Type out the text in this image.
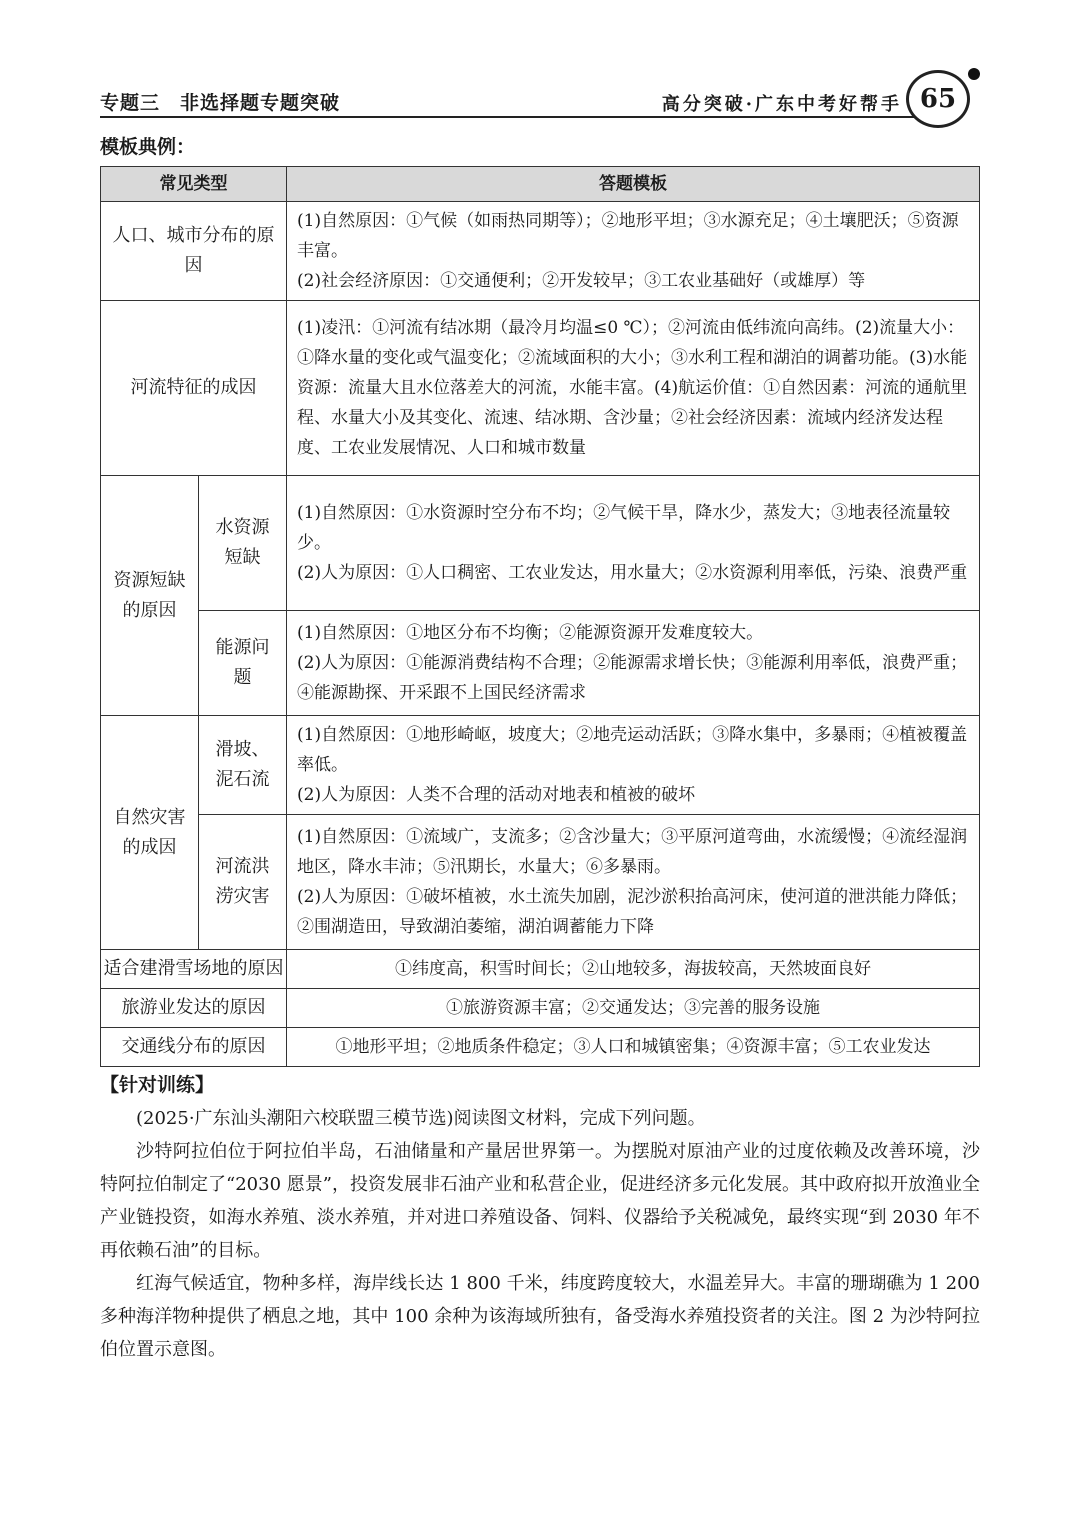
专题三　非选择题专题突破	高分突破·广东中考好帮手 65
模板典例：
常见类型		答题模板
人口、城市分布的原因		(1)自然原因：①气候（如雨热同期等）；②地形平坦；③水源充足；④土壤肥沃；⑤资源丰富。
(2)社会经济原因：①交通便利；②开发较早；③工农业基础好（或雄厚）等

河流特征的成因		(1)凌汛：①河流有结冰期（最冷月均温≤0 ℃）；②河流由低纬流向高纬。(2)流量大小：①降水量的变化或气温变化；②流域面积的大小；③水利工程和湖泊的调蓄功能。(3)水能资源：流量大且水位落差大的河流，水能丰富。(4)航运价值：①自然因素：河流的通航里程、水量大小及其变化、流速、结冰期、含沙量；②社会经济因素：流域内经济发达程度、工农业发展情况、人口和城市数量

资源短缺的原因	水资源短缺	(1)自然原因：①水资源时空分布不均；②气候干旱，降水少，蒸发大；③地表径流量较少。
(2)人为原因：①人口稠密、工农业发达，用水量大；②水资源利用率低，污染、浪费严重

	能源问题	(1)自然原因：①地区分布不均衡；②能源资源开发难度较大。
(2)人为原因：①能源消费结构不合理；②能源需求增长快；③能源利用率低，浪费严重；④能源勘探、开采跟不上国民经济需求

自然灾害的成因	滑坡、泥石流	(1)自然原因：①地形崎岖，坡度大；②地壳运动活跃；③降水集中，多暴雨；④植被覆盖率低。
(2)人为原因：人类不合理的活动对地表和植被的破坏

	河流洪涝灾害	(1)自然原因：①流域广，支流多；②含沙量大；③平原河道弯曲，水流缓慢；④流经湿润地区，降水丰沛；⑤汛期长，水量大；⑥多暴雨。
(2)人为原因：①破坏植被，水土流失加剧，泥沙淤积抬高河床，使河道的泄洪能力降低；②围湖造田，导致湖泊萎缩，湖泊调蓄能力下降

适合建滑雪场地的原因		①纬度高，积雪时间长；②山地较多，海拔较高，天然坡面良好
旅游业发达的原因		①旅游资源丰富；②交通发达；③完善的服务设施
交通线分布的原因		①地形平坦；②地质条件稳定；③人口和城镇密集；④资源丰富；⑤工农业发达
【针对训练】

(2025·广东汕头潮阳六校联盟三模节选)阅读图文材料，完成下列问题。

沙特阿拉伯位于阿拉伯半岛，石油储量和产量居世界第一。为摆脱对原油产业的过度依赖及改善环境，沙特阿拉伯制定了“2030 愿景”，投资发展非石油产业和私营企业，促进经济多元化发展。其中政府拟开放渔业全产业链投资，如海水养殖、淡水养殖，并对进口养殖设备、饲料、仪器给予关税减免，最终实现“到 2030 年不再依赖石油”的目标。

红海气候适宜，物种多样，海岸线长达 1 800 千米，纬度跨度较大，水温差异大。丰富的珊瑚礁为 1 200 多种海洋物种提供了栖息之地，其中 100 余种为该海域所独有，备受海水养殖投资者的关注。图 2 为沙特阿拉伯位置示意图。
